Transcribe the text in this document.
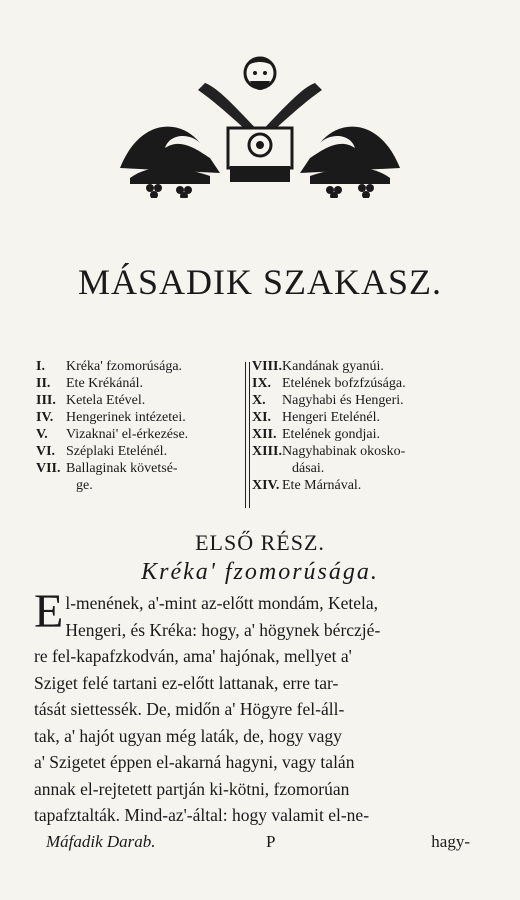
MÁSADIK SZAKASZ.
I.	Kréka' fzomorúsága.
II.	Ete Krékánál.
III. Ketela Etével.
IV. Hengerinek intézetei.
V.	Vizaknai' el-érkezése.
VI. Széplaki Etelénél.
VII. Ballaginak követsé-
ge.
VIII. Kandának gyanúi.
IX. Etelének bofzfzúsága.
X.	Nagyhabi és Hengeri.
XI. Hengeri Etelénél.
XII. Etelének gondjai.
XIII. Nagyhabinak okosko-
dásai.
XIV. Ete Márnával.
ELSŐ RÉSZ.
Kréka' fzomorúsága.
E l-menének, a'-mint az-előtt mondám, Ketela,
Hengeri, és Kréka: hogy, a' högynek bérczjé-
re fel-kapafzkodván, ama' hajónak, mellyet a'
Sziget felé tartani ez-előtt lattanak, erre tar-
tását siettessék. De, midőn a' Högyre fel-áll-
tak, a' hajót ugyan még laták, de, hogy vagy
a' Szigetet éppen el-akarná hagyni, vagy talán
annak el-rejtetett partján ki-kötni, fzomorúan
tapafztalták. Mind-az'-által: hogy valamit el-ne-
Máfadik Darab.	P	hagy-
